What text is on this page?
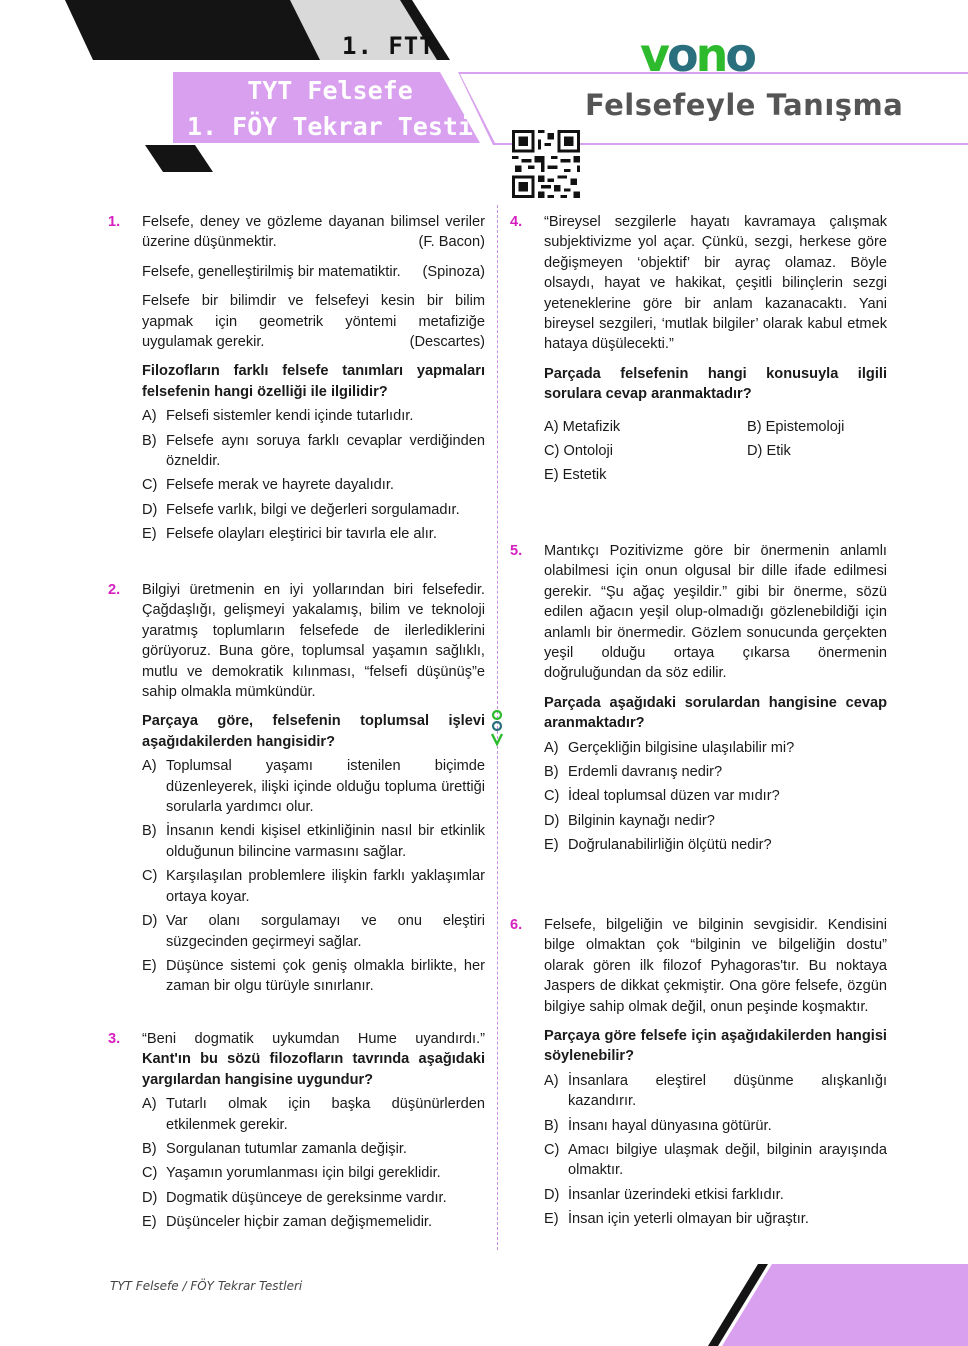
1. FTT
TYT Felsefe
1. FÖY Tekrar Testi
vono
Felsefeyle Tanışma
1. Felsefe, deney ve gözleme dayanan bilimsel veriler üzerine düşünmektir.	(F. Bacon)

Felsefe, genelleştirilmiş bir matematiktir. (Spinoza)

Felsefe bir bilimdir ve felsefeyi kesin bir bilim yapmak için geometrik yöntemi metafiziğe uygulamak gerekir.	(Descartes)

Filozofların farklı felsefe tanımları yapmaları felsefenin hangi özelliği ile ilgilidir?

A) Felsefi sistemler kendi içinde tutarlıdır.
B) Felsefe aynı soruya farklı cevaplar verdiğinden özneldir.
C) Felsefe merak ve hayrete dayalıdır.
D) Felsefe varlık, bilgi ve değerleri sorgulamadır.
E) Felsefe olayları eleştirici bir tavırla ele alır.
2. Bilgiyi üretmenin en iyi yollarından biri felsefedir. Çağdaşlığı, gelişmeyi yakalamış, bilim ve teknoloji yaratmış toplumların felsefede de ilerlediklerini görüyoruz. Buna göre, toplumsal yaşamın sağlıklı, mutlu ve demokratik kılınması, “felsefi düşünüş”e sahip olmakla mümkündür.

Parçaya göre, felsefenin toplumsal işlevi aşağıdakilerden hangisidir?

A) Toplumsal yaşamı istenilen biçimde düzenleyerek, ilişki içinde olduğu topluma ürettiği sorularla yardımcı olur.
B) İnsanın kendi kişisel etkinliğinin nasıl bir etkinlik olduğunun bilincine varmasını sağlar.
C) Karşılaşılan problemlere ilişkin farklı yaklaşımlar ortaya koyar.
D) Var olanı sorgulamayı ve onu eleştiri süzgecinden geçirmeyi sağlar.
E) Düşünce sistemi çok geniş olmakla birlikte, her zaman bir olgu türüyle sınırlanır.
3. “Beni dogmatik uykumdan Hume uyandırdı.”

Kant'ın bu sözü filozofların tavrında aşağıdaki yargılardan hangisine uygundur?

A) Tutarlı olmak için başka düşünürlerden etkilenmek gerekir.
B) Sorgulanan tutumlar zamanla değişir.
C) Yaşamın yorumlanması için bilgi gereklidir.
D) Dogmatik düşünceye de gereksinme vardır.
E) Düşünceler hiçbir zaman değişmemelidir.
4. “Bireysel sezgilerle hayatı kavramaya çalışmak subjektivizme yol açar. Çünkü, sezgi, herkese göre değişmeyen ‘objektif’ bir ayraç olamaz. Böyle olsaydı, hayat ve hakikat, çeşitli bilinçlerin sezgi yeteneklerine göre bir anlam kazanacaktı. Yani bireysel sezgileri, ‘mutlak bilgiler’ olarak kabul etmek hataya düşülecekti.”

Parçada felsefenin hangi konusuyla ilgili sorulara cevap aranmaktadır?

A) Metafizik	B) Epistemoloji
C) Ontoloji	D) Etik
E) Estetik
5. Mantıkçı Pozitivizme göre bir önermenin anlamlı olabilmesi için onun olgusal bir dille ifade edilmesi gerekir. “Şu ağaç yeşildir.” gibi bir önerme, sözü edilen ağacın yeşil olup-olmadığı gözlenebildiği için anlamlı bir önermedir. Gözlem sonucunda gerçekten yeşil olduğu ortaya çıkarsa önermenin doğruluğundan da söz edilir.

Parçada aşağıdaki sorulardan hangisine cevap aranmaktadır?

A) Gerçekliğin bilgisine ulaşılabilir mi?
B) Erdemli davranış nedir?
C) İdeal toplumsal düzen var mıdır?
D) Bilginin kaynağı nedir?
E) Doğrulanabilirliğin ölçütü nedir?
6. Felsefe, bilgeliğin ve bilginin sevgisidir. Kendisini bilge olmaktan çok “bilginin ve bilgeliğin dostu” olarak gören ilk filozof Pyhagoras'tır. Bu noktaya Jaspers de dikkat çekmiştir. Ona göre felsefe, özgün bilgiye sahip olmak değil, onun peşinde koşmaktır.

Parçaya göre felsefe için aşağıdakilerden hangisi söylenebilir?

A) İnsanlara eleştirel düşünme alışkanlığı kazandırır.
B) İnsanı hayal dünyasına götürür.
C) Amacı bilgiye ulaşmak değil, bilginin arayışında olmaktır.
D) İnsanlar üzerindeki etkisi farklıdır.
E) İnsan için yeterli olmayan bir uğraştır.
TYT Felsefe / FÖY Tekrar Testleri
